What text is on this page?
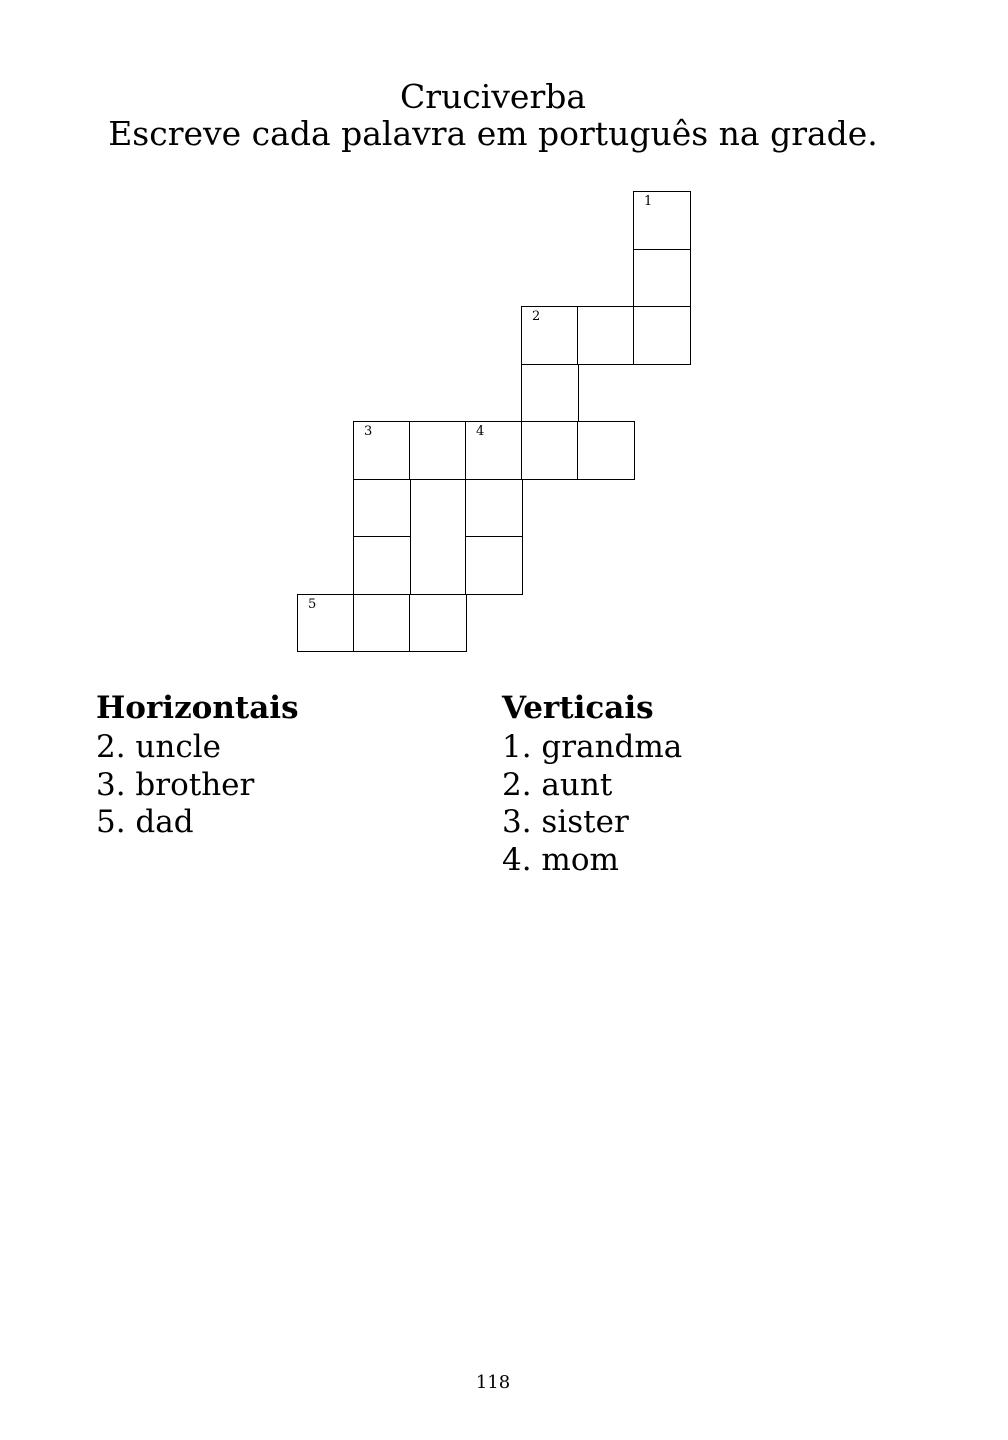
Cruciverba
Escreve cada palavra em português na grade.
1
2
3	4
5
Horizontais
2. uncle
3. brother
5. dad
Verticais
1. grandma
2. aunt
3. sister
4. mom
118
